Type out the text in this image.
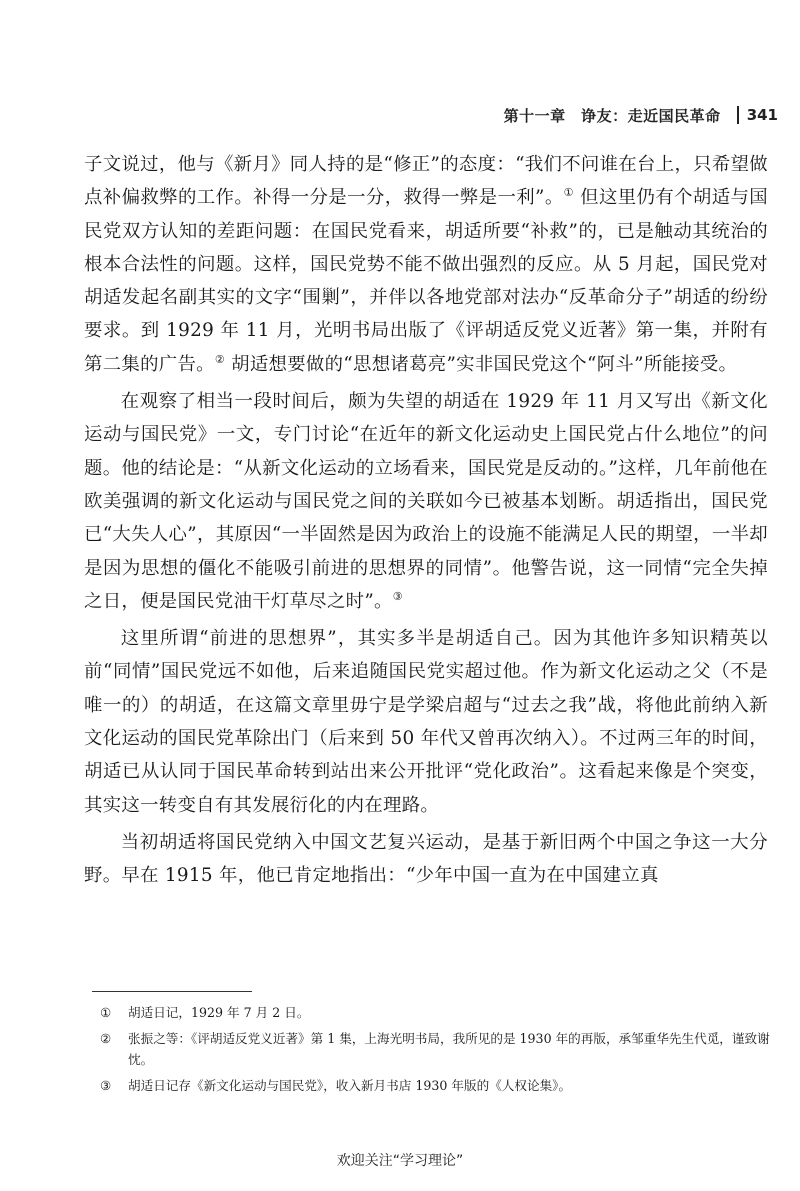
第十一章　诤友：走近国民革命 341

子文说过，他与《新月》同人持的是“修正”的态度：“我们不问谁在台上，只希望做点补偏救弊的工作。补得一分是一分，救得一弊是一利”。① 但这里仍有个胡适与国民党双方认知的差距问题：在国民党看来，胡适所要“补救”的，已是触动其统治的根本合法性的问题。这样，国民党势不能不做出强烈的反应。从 5 月起，国民党对胡适发起名副其实的文字“围剿”，并伴以各地党部对法办“反革命分子”胡适的纷纷要求。到 1929 年 11 月，光明书局出版了《评胡适反党义近著》第一集，并附有第二集的广告。② 胡适想要做的“思想诸葛亮”实非国民党这个“阿斗”所能接受。

在观察了相当一段时间后，颇为失望的胡适在 1929 年 11 月又写出《新文化运动与国民党》一文，专门讨论“在近年的新文化运动史上国民党占什么地位”的问题。他的结论是：“从新文化运动的立场看来，国民党是反动的。”这样，几年前他在欧美强调的新文化运动与国民党之间的关联如今已被基本划断。胡适指出，国民党已“大失人心”，其原因“一半固然是因为政治上的设施不能满足人民的期望，一半却是因为思想的僵化不能吸引前进的思想界的同情”。他警告说，这一同情“完全失掉之日，便是国民党油干灯草尽之时”。③

这里所谓“前进的思想界”，其实多半是胡适自己。因为其他许多知识精英以前“同情”国民党远不如他，后来追随国民党实超过他。作为新文化运动之父（不是唯一的）的胡适，在这篇文章里毋宁是学梁启超与“过去之我”战，将他此前纳入新文化运动的国民党革除出门（后来到 50 年代又曾再次纳入）。不过两三年的时间，胡适已从认同于国民革命转到站出来公开批评“党化政治”。这看起来像是个突变，其实这一转变自有其发展衍化的内在理路。

当初胡适将国民党纳入中国文艺复兴运动，是基于新旧两个中国之争这一大分野。早在 1915 年，他已肯定地指出：“少年中国一直为在中国建立真

①	胡适日记，1929 年 7 月 2 日。
②	张振之等：《评胡适反党义近著》第 1 集，上海光明书局，我所见的是 1930 年的再版，承邹重华先生代觅，谨致谢忱。
③	胡适日记存《新文化运动与国民党》，收入新月书店 1930 年版的《人权论集》。
欢迎关注“学习理论”
